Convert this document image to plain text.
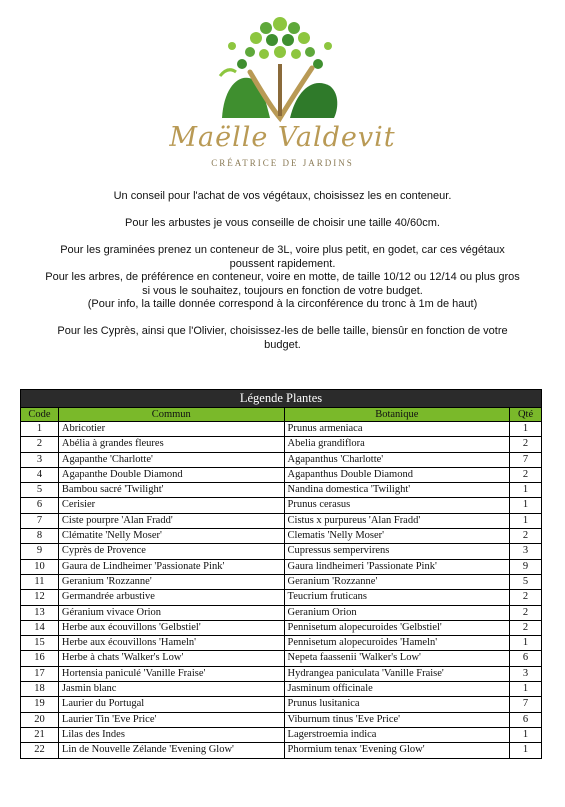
Maëlle Valdevit
CRÉATRICE DE JARDINS

Un conseil pour l'achat de vos végétaux, choisissez les en conteneur.

Pour les arbustes je vous conseille de choisir une taille 40/60cm.

Pour les graminées prenez un conteneur de 3L, voire plus petit, en godet, car ces végétaux poussent rapidement.

Pour les arbres, de préférence en conteneur, voire en motte, de taille 10/12 ou 12/14 ou plus gros si vous le souhaitez, toujours en fonction de votre budget.

(Pour info, la taille donnée correspond à la circonférence du tronc à 1m de haut)

Pour les Cyprès, ainsi que l'Olivier, choisissez-les de belle taille, biensûr en fonction de votre budget.

Légende Plantes			
Code	Commun	Botanique	Qté
1	Abricotier	Prunus armeniaca	1
2	Abélia à grandes fleures	Abelia grandiflora	2
3	Agapanthe 'Charlotte'	Agapanthus 'Charlotte'	7
4	Agapanthe Double Diamond	Agapanthus Double Diamond	2
5	Bambou sacré 'Twilight'	Nandina domestica 'Twilight'	1
6	Cerisier	Prunus cerasus	1
7	Ciste pourpre 'Alan Fradd'	Cistus x purpureus 'Alan Fradd'	1
8	Clématite 'Nelly Moser'	Clematis 'Nelly Moser'	2
9	Cyprès de Provence	Cupressus sempervirens	3
10	Gaura de Lindheimer 'Passionate Pink'	Gaura lindheimeri 'Passionate Pink'	9
11	Geranium 'Rozzanne'	Geranium 'Rozzanne'	5
12	Germandrée arbustive	Teucrium fruticans	2
13	Géranium vivace Orion	Geranium Orion	2
14	Herbe aux écouvillons 'Gelbstiel'	Pennisetum alopecuroides 'Gelbstiel'	2
15	Herbe aux écouvillons 'Hameln'	Pennisetum alopecuroides 'Hameln'	1
16	Herbe à chats 'Walker's Low'	Nepeta faassenii 'Walker's Low'	6
17	Hortensia paniculé 'Vanille Fraise'	Hydrangea paniculata 'Vanille Fraise'	3
18	Jasmin blanc	Jasminum officinale	1
19	Laurier du Portugal	Prunus lusitanica	7
20	Laurier Tin 'Eve Price'	Viburnum tinus 'Eve Price'	6
21	Lilas des Indes	Lagerstroemia indica	1
22	Lin de Nouvelle Zélande 'Evening Glow'	Phormium tenax 'Evening Glow'	1
